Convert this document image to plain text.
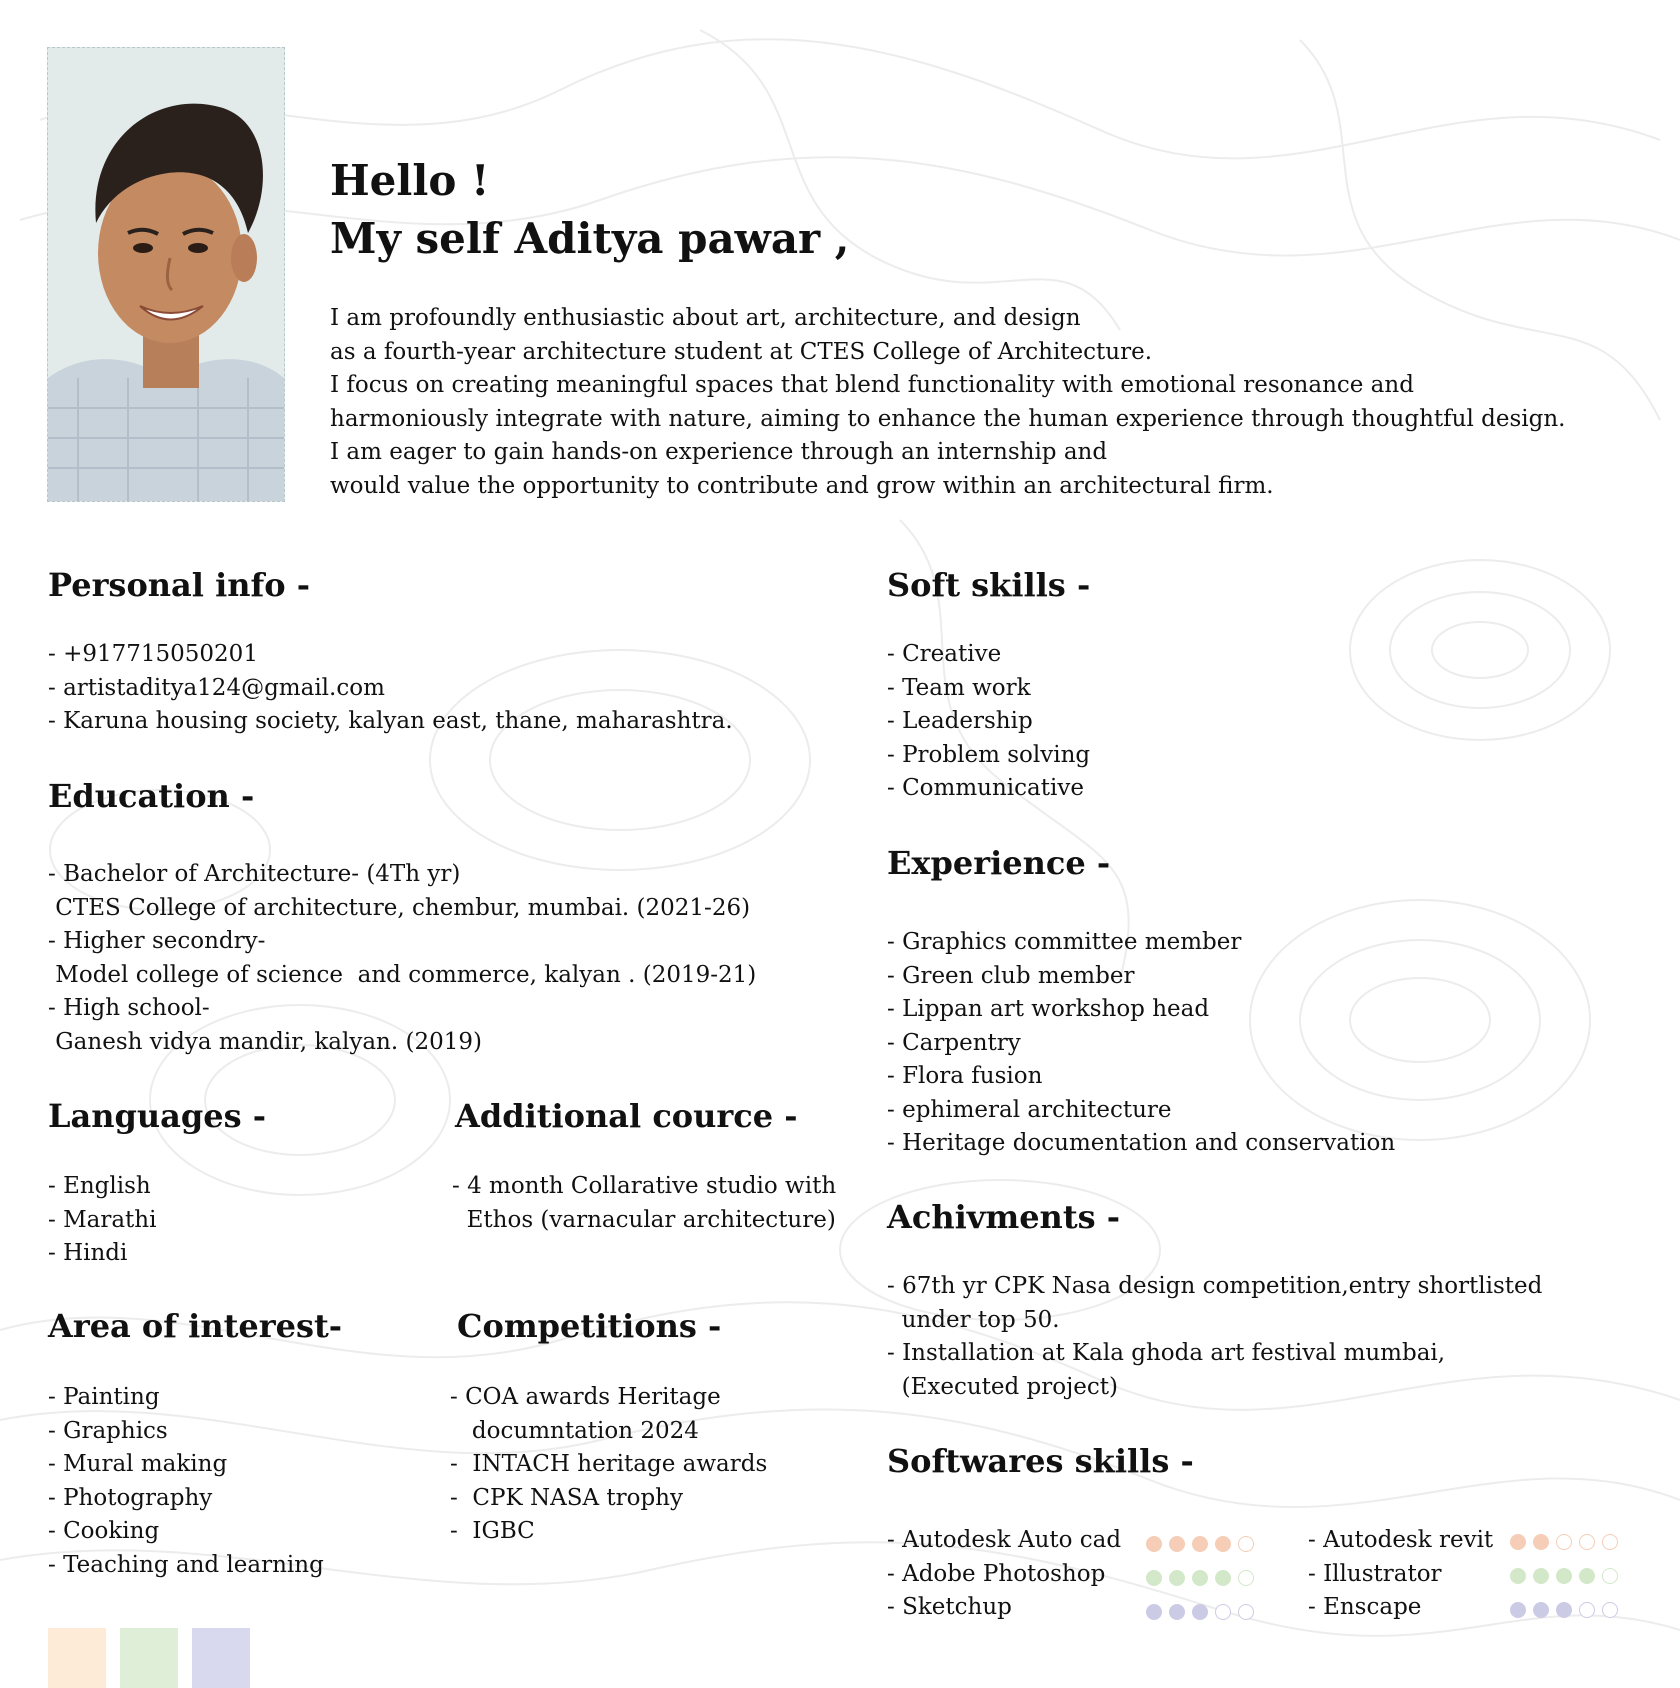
Hello !
My self Aditya pawar ,
I am profoundly enthusiastic about art, architecture, and design
as a fourth-year architecture student at CTES College of Architecture.
I focus on creating meaningful spaces that blend functionality with emotional resonance and
harmoniously integrate with nature, aiming to enhance the human experience through thoughtful design.
I am eager to gain hands-on experience through an internship and
would value the opportunity to contribute and grow within an architectural firm.
Personal info -
- +917715050201
- artistaditya124@gmail.com
- Karuna housing society, kalyan east, thane, maharashtra.
Education -
- Bachelor of Architecture- (4Th yr)
CTES College of architecture, chembur, mumbai. (2021-26)
- Higher secondry-
Model college of science  and commerce, kalyan . (2019-21)
- High school-
Ganesh vidya mandir, kalyan. (2019)
Languages -
- English
- Marathi
- Hindi
Additional cource -
- 4 month Collarative studio with
Ethos (varnacular architecture)
Area of interest-
- Painting
- Graphics
- Mural making
- Photography
- Cooking
- Teaching and learning
Competitions -
- COA awards Heritage
documntation 2024
-  INTACH heritage awards
-  CPK NASA trophy
-  IGBC
Soft skills -
- Creative
- Team work
- Leadership
- Problem solving
- Communicative
Experience -
- Graphics committee member
- Green club member
- Lippan art workshop head
- Carpentry
- Flora fusion
- ephimeral architecture
- Heritage documentation and conservation
Achivments -
- 67th yr CPK Nasa design competition,entry shortlisted
under top 50.
- Installation at Kala ghoda art festival mumbai,
(Executed project)
Softwares skills -
- Autodesk Auto cad
- Adobe Photoshop
- Sketchup
- Autodesk revit
- Illustrator
- Enscape
